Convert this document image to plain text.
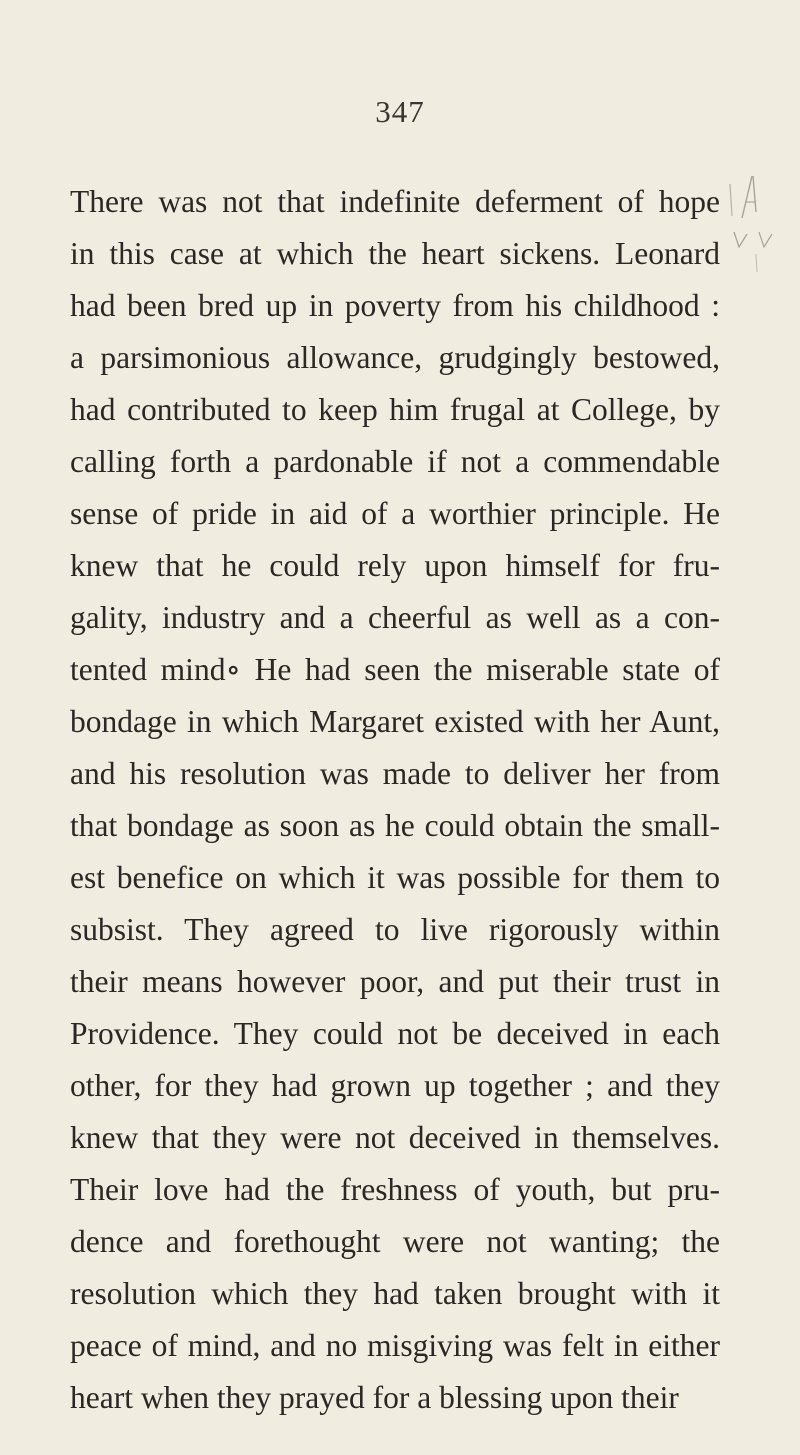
347
There was not that indefinite deferment of hope
in this case at which the heart sickens. Leonard
had been bred up in poverty from his childhood :
a parsimonious allowance, grudgingly bestowed,
had contributed to keep him frugal at College, by
calling forth a pardonable if not a commendable
sense of pride in aid of a worthier principle. He
knew that he could rely upon himself for fru-
gality, industry and a cheerful as well as a con-
tented mind∘ He had seen the miserable state of
bondage in which Margaret existed with her Aunt,
and his resolution was made to deliver her from
that bondage as soon as he could obtain the small-
est benefice on which it was possible for them to
subsist. They agreed to live rigorously within
their means however poor, and put their trust in
Providence. They could not be deceived in each
other, for they had grown up together ; and they
knew that they were not deceived in themselves.
Their love had the freshness of youth, but pru-
dence and forethought were not wanting; the
resolution which they had taken brought with it
peace of mind, and no misgiving was felt in either
heart when they prayed for a blessing upon their
